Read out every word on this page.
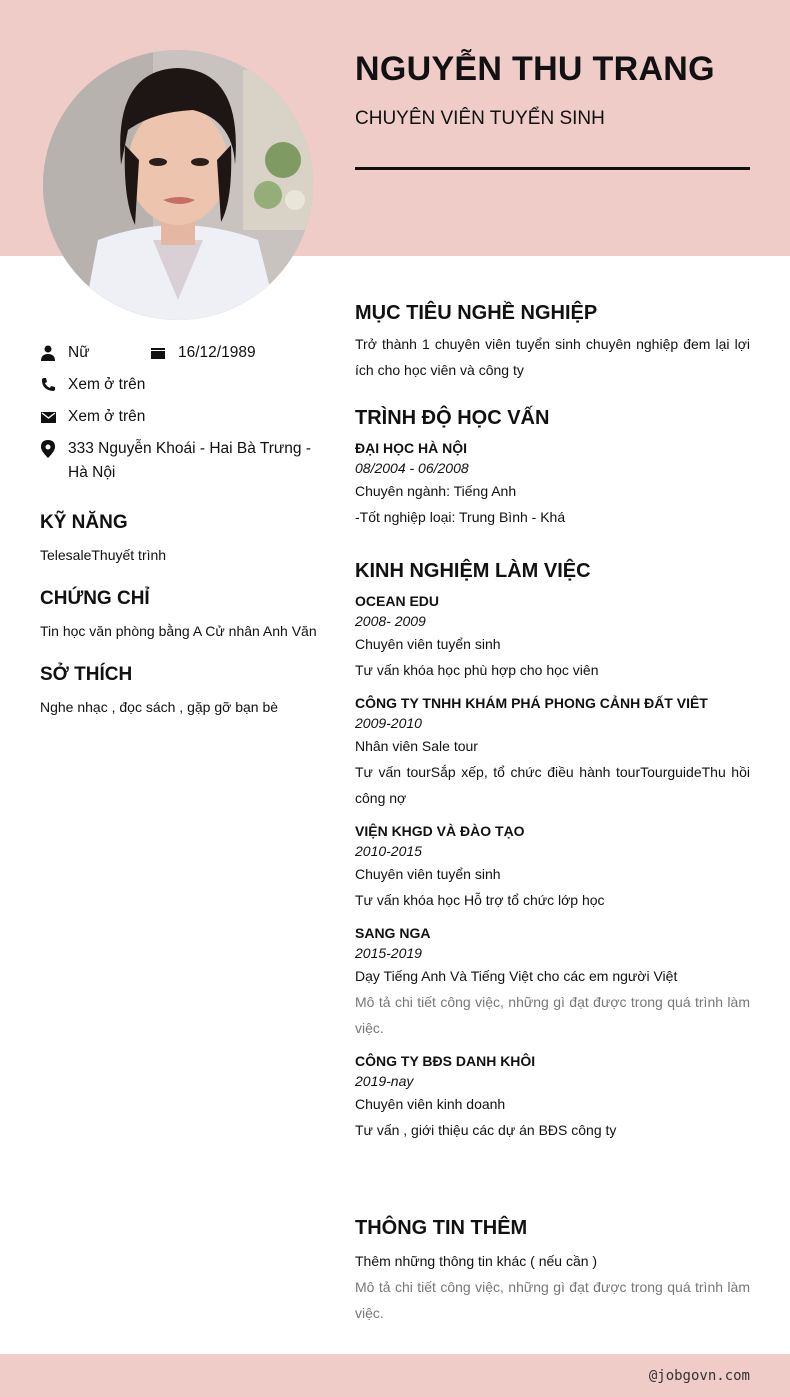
NGUYỄN THU TRANG
CHUYÊN VIÊN TUYỂN SINH
Nữ	16/12/1989
Xem ở trên
Xem ở trên
333 Nguyễn Khoái - Hai Bà Trưng - Hà Nội
KỸ NĂNG
TelesaleThuyết trình
CHỨNG CHỈ
Tin học văn phòng bằng A Cử nhân Anh Văn
SỞ THÍCH
Nghe nhạc , đọc sách , gặp gỡ bạn bè
MỤC TIÊU NGHỀ NGHIỆP
Trở thành 1 chuyên viên tuyển sinh chuyên nghiệp đem lại lợi ích cho học viên và công ty
TRÌNH ĐỘ HỌC VẤN
ĐẠI HỌC HÀ NỘI
08/2004 - 06/2008
Chuyên ngành: Tiếng Anh
-Tốt nghiệp loại: Trung Bình - Khá
KINH NGHIỆM LÀM VIỆC
OCEAN EDU
2008- 2009
Chuyên viên tuyển sinh
Tư vấn khóa học phù hợp cho học viên
CÔNG TY TNHH KHÁM PHÁ PHONG CẢNH ĐẤT VIÊT
2009-2010
Nhân viên Sale tour
Tư vấn tourSắp xếp, tổ chức điều hành tourTourguideThu hồi công nợ
VIỆN KHGD VÀ ĐÀO TẠO
2010-2015
Chuyên viên tuyển sinh
Tư vấn khóa học Hỗ trợ tổ chức lớp học
SANG NGA
2015-2019
Dạy Tiếng Anh Và Tiếng Việt cho các em người Việt
Mô tả chi tiết công việc, những gì đạt được trong quá trình làm việc.
CÔNG TY BĐS DANH KHÔI
2019-nay
Chuyên viên kinh doanh
Tư vấn , giới thiệu các dự án BĐS công ty
THÔNG TIN THÊM
Thêm những thông tin khác ( nếu cần )
Mô tả chi tiết công việc, những gì đạt được trong quá trình làm việc.
@jobgovn.com
